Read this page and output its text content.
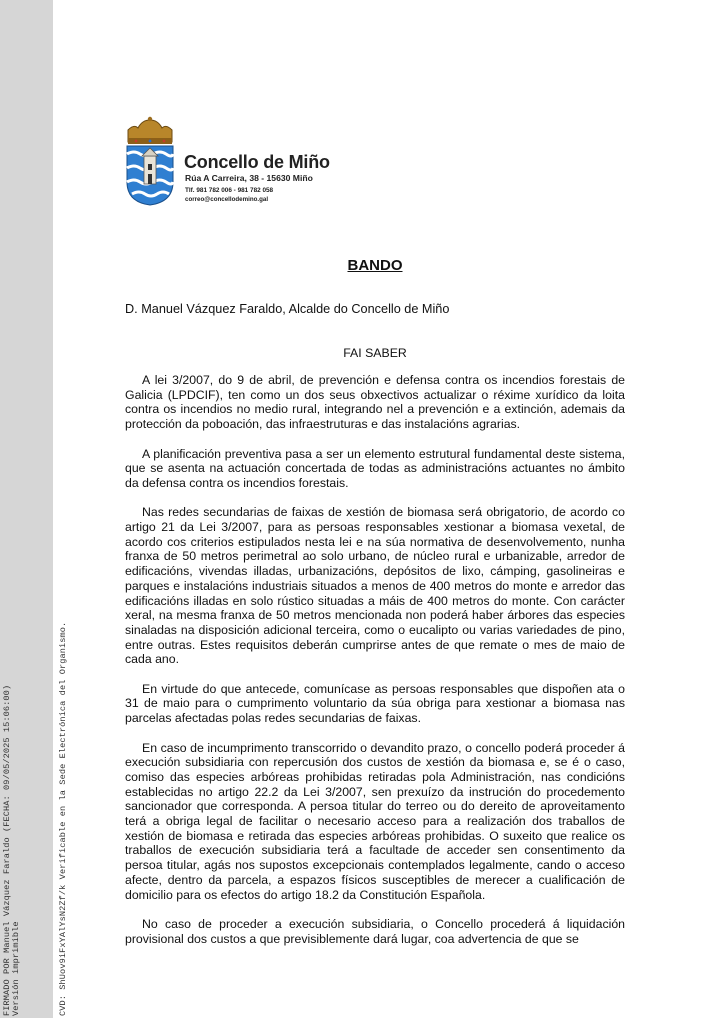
FIRMADO POR Manuel Vázquez Faraldo (FECHA: 09/05/2025 15:06:00) Versión imprimible	CVD: ShUov9iFxYAlYsN2Zf/k Verificable en la Sede Electrónica del Organismo.
Concello de Miño
Rúa A Carreira, 38 - 15630 Miño
Tlf. 981 782 006 - 981 782 058
correo@concellodemino.gal
BANDO
D. Manuel Vázquez Faraldo, Alcalde do Concello de Miño
FAI SABER

A lei 3/2007, do 9 de abril, de prevención e defensa contra os incendios forestais de Galicia (LPDCIF), ten como un dos seus obxectivos actualizar o réxime xurídico da loita contra os incendios no medio rural, integrando nel a prevención e a extinción, ademais da protección da poboación, das infraestruturas e das instalacións agrarias.

A planificación preventiva pasa a ser un elemento estrutural fundamental deste sistema, que se asenta na actuación concertada de todas as administracións actuantes no ámbito da defensa contra os incendios forestais.

Nas redes secundarias de faixas de xestión de biomasa será obrigatorio, de acordo co artigo 21 da Lei 3/2007, para as persoas responsables xestionar a biomasa vexetal, de acordo cos criterios estipulados nesta lei e na súa normativa de desenvolvemento, nunha franxa de 50 metros perimetral ao solo urbano, de núcleo rural e urbanizable, arredor de edificacións, vivendas illadas, urbanizacións, depósitos de lixo, cámping, gasolineiras e parques e instalacións industriais situados a menos de 400 metros do monte e arredor das edificacións illadas en solo rústico situadas a máis de 400 metros do monte. Con carácter xeral, na mesma franxa de 50 metros mencionada non poderá haber árbores das especies sinaladas na disposición adicional terceira, como o eucalipto ou varias variedades de pino, entre outras. Estes requisitos deberán cumprirse antes de que remate o mes de maio de cada ano.

En virtude do que antecede, comunícase as persoas responsables que dispoñen ata o 31 de maio para o cumprimento voluntario da súa obriga para xestionar a biomasa nas parcelas afectadas polas redes secundarias de faixas.

En caso de incumprimento transcorrido o devandito prazo, o concello poderá proceder á execución subsidiaria con repercusión dos custos de xestión da biomasa e, se é o caso, comiso das especies arbóreas prohibidas retiradas pola Administración, nas condicións establecidas no artigo 22.2 da Lei 3/2007, sen prexuízo da instrución do procedemento sancionador que corresponda. A persoa titular do terreo ou do dereito de aproveitamento terá a obriga legal de facilitar o necesario acceso para a realización dos traballos de xestión de biomasa e retirada das especies arbóreas prohibidas. O suxeito que realice os traballos de execución subsidiaria terá a facultade de acceder sen consentimento da persoa titular, agás nos supostos excepcionais contemplados legalmente, cando o acceso afecte, dentro da parcela, a espazos físicos susceptibles de merecer a cualificación de domicilio para os efectos do artigo 18.2 da Constitución Española.

No caso de proceder a execución subsidiaria, o Concello procederá á liquidación provisional dos custos a que previsiblemente dará lugar, coa advertencia de que se
